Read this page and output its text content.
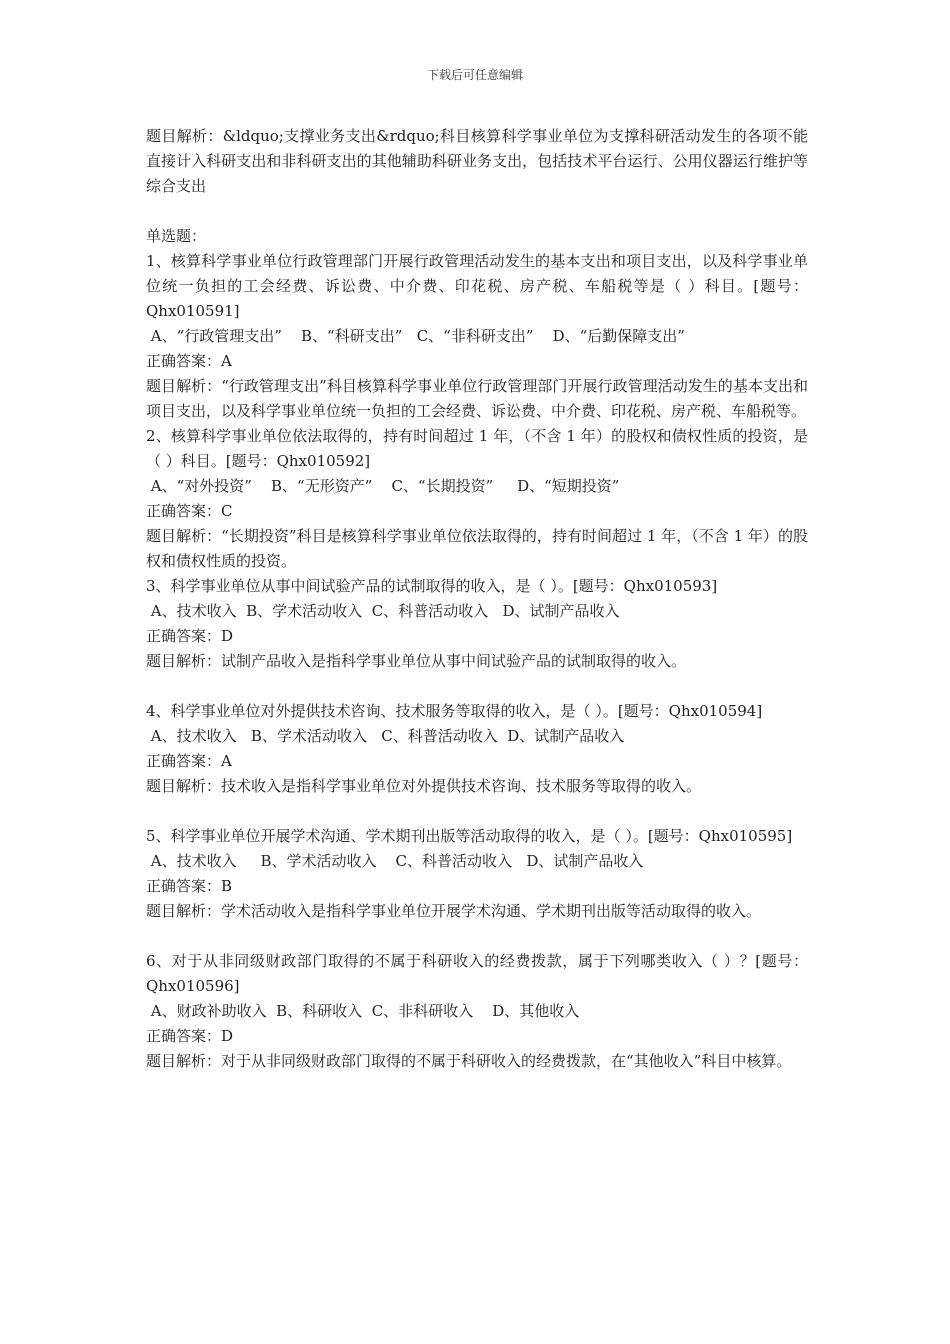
下载后可任意编辑

题目解析：&ldquo;支撑业务支出&rdquo;科目核算科学事业单位为支撑科研活动发生的各项不能直接计入科研支出和非科研支出的其他辅助科研业务支出，包括技术平台运行、公用仪器运行维护等综合支出

单选题：

1、核算科学事业单位行政管理部门开展行政管理活动发生的基本支出和项目支出，以及科学事业单位统一负担的工会经费、诉讼费、中介费、印花税、房产税、车船税等是（ ）科目。[题号：Qhx010591]

A、“行政管理支出”    B、“科研支出”   C、“非科研支出”    D、“后勤保障支出”

正确答案：A

题目解析：“行政管理支出”科目核算科学事业单位行政管理部门开展行政管理活动发生的基本支出和项目支出，以及科学事业单位统一负担的工会经费、诉讼费、中介费、印花税、房产税、车船税等。

2、核算科学事业单位依法取得的，持有时间超过 1 年，（不含 1 年）的股权和债权性质的投资，是（ ）科目。[题号：Qhx010592]

A、“对外投资”    B、“无形资产”    C、“长期投资”     D、“短期投资”

正确答案：C

题目解析：“长期投资”科目是核算科学事业单位依法取得的，持有时间超过 1 年，（不含 1 年）的股权和债权性质的投资。

3、科学事业单位从事中间试验产品的试制取得的收入，是（ ）。[题号：Qhx010593]

A、技术收入  B、学术活动收入  C、科普活动收入   D、试制产品收入

正确答案：D

题目解析：试制产品收入是指科学事业单位从事中间试验产品的试制取得的收入。

4、科学事业单位对外提供技术咨询、技术服务等取得的收入，是（ ）。[题号：Qhx010594]

A、技术收入   B、学术活动收入   C、科普活动收入  D、试制产品收入

正确答案：A

题目解析：技术收入是指科学事业单位对外提供技术咨询、技术服务等取得的收入。

5、科学事业单位开展学术沟通、学术期刊出版等活动取得的收入，是（ ）。[题号：Qhx010595]

A、技术收入     B、学术活动收入    C、科普活动收入   D、试制产品收入

正确答案：B

题目解析：学术活动收入是指科学事业单位开展学术沟通、学术期刊出版等活动取得的收入。

6、对于从非同级财政部门取得的不属于科研收入的经费拨款，属于下列哪类收入（ ）？[题号：Qhx010596]

A、财政补助收入  B、科研收入  C、非科研收入    D、其他收入

正确答案：D

题目解析：对于从非同级财政部门取得的不属于科研收入的经费拨款，在“其他收入”科目中核算。
